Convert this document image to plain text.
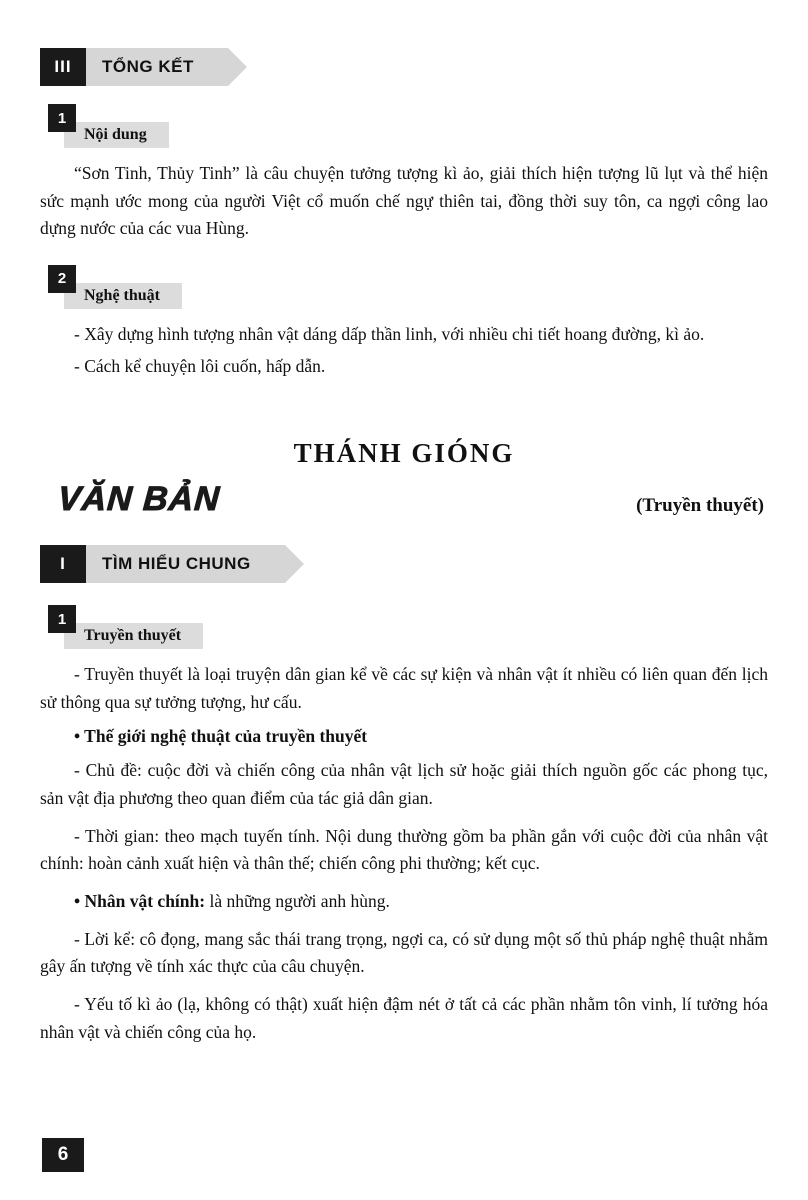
III	TỔNG KẾT
1
Nội dung

“Sơn Tinh, Thủy Tinh” là câu chuyện tưởng tượng kì ảo, giải thích hiện tượng lũ lụt và thể hiện sức mạnh ước mong của người Việt cổ muốn chế ngự thiên tai, đồng thời suy tôn, ca ngợi công lao dựng nước của các vua Hùng.

2
Nghệ thuật

- Xây dựng hình tượng nhân vật dáng dấp thần linh, với nhiều chi tiết hoang đường, kì ảo.

- Cách kể chuyện lôi cuốn, hấp dẫn.

VĂN BẢN
THÁNH GIÓNG
(Truyền thuyết)
I	TÌM HIỂU CHUNG
1
Truyền thuyết

- Truyền thuyết là loại truyện dân gian kể về các sự kiện và nhân vật ít nhiều có liên quan đến lịch sử thông qua sự tưởng tượng, hư cấu.

• Thế giới nghệ thuật của truyền thuyết

- Chủ đề: cuộc đời và chiến công của nhân vật lịch sử hoặc giải thích nguồn gốc các phong tục, sản vật địa phương theo quan điểm của tác giả dân gian.

- Thời gian: theo mạch tuyến tính. Nội dung thường gồm ba phần gắn với cuộc đời của nhân vật chính: hoàn cảnh xuất hiện và thân thế; chiến công phi thường; kết cục.

• Nhân vật chính: là những người anh hùng.

- Lời kể: cô đọng, mang sắc thái trang trọng, ngợi ca, có sử dụng một số thủ pháp nghệ thuật nhằm gây ấn tượng về tính xác thực của câu chuyện.

- Yếu tố kì ảo (lạ, không có thật) xuất hiện đậm nét ở tất cả các phần nhằm tôn vinh, lí tưởng hóa nhân vật và chiến công của họ.

6
